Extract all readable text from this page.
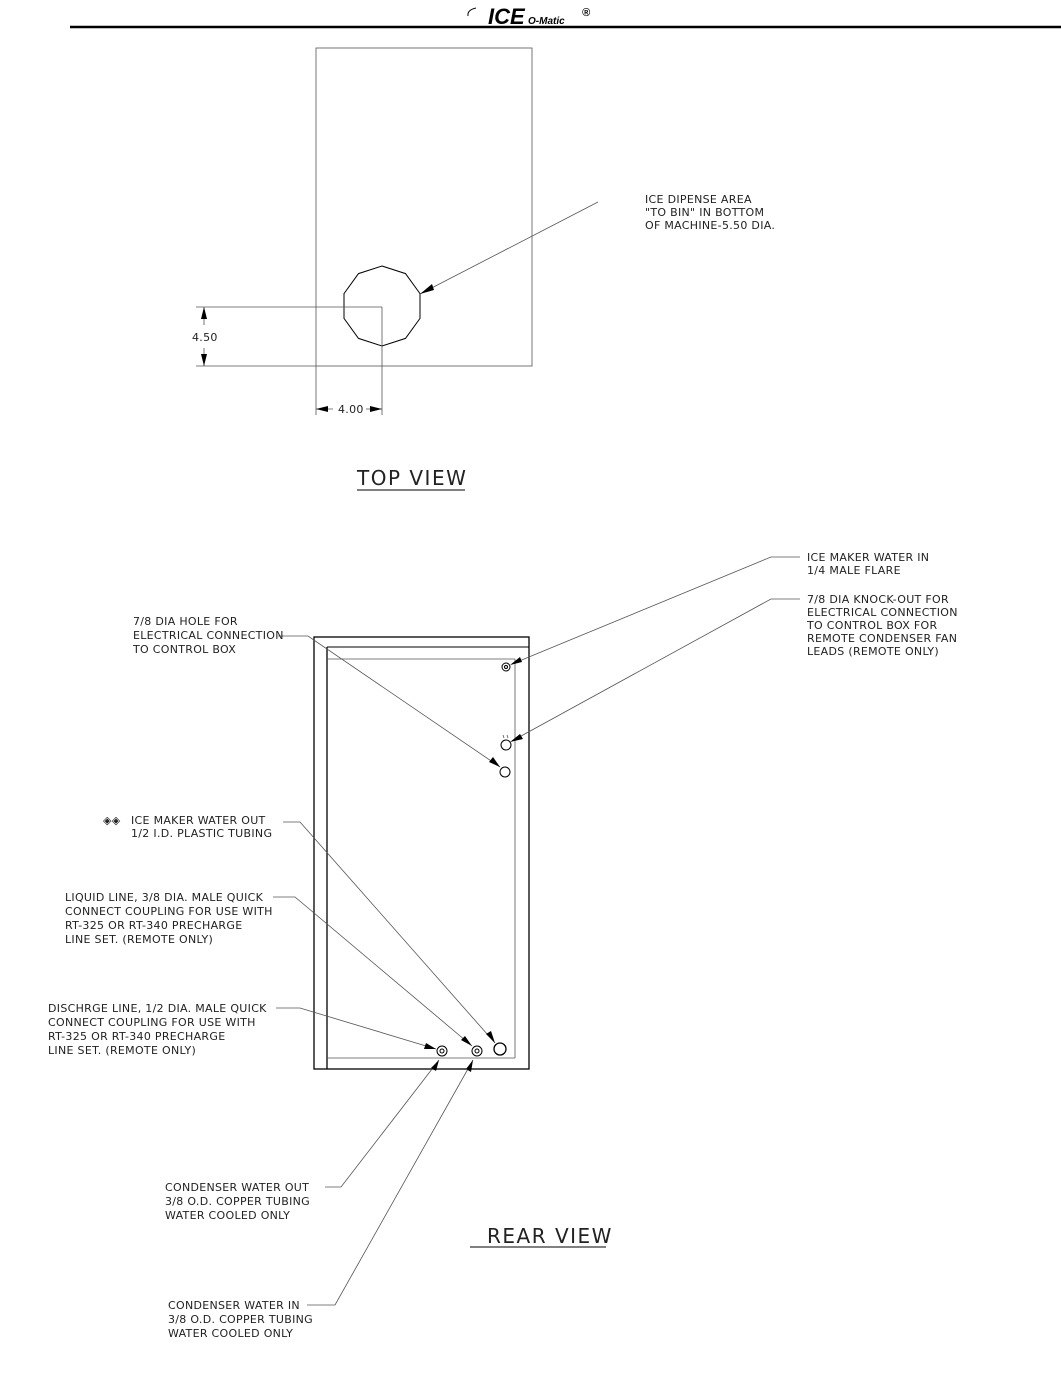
ICE O-Matic
®
ICE DIPENSE AREA
"TO BIN" IN BOTTOM
OF MACHINE-5.50 DIA.
4.50
4.00
TOP VIEW
ICE MAKER WATER IN
1/4 MALE FLARE
7/8 DIA KNOCK-OUT FOR
ELECTRICAL CONNECTION
TO CONTROL BOX FOR
REMOTE CONDENSER FAN
LEADS (REMOTE ONLY)
7/8 DIA HOLE FOR
ELECTRICAL CONNECTION
TO CONTROL BOX
◈◈ ICE MAKER WATER OUT
1/2 I.D. PLASTIC TUBING
LIQUID LINE, 3/8 DIA. MALE QUICK
CONNECT COUPLING FOR USE WITH
RT-325 OR RT-340 PRECHARGE
LINE SET. (REMOTE ONLY)
DISCHRGE LINE, 1/2 DIA. MALE QUICK
CONNECT COUPLING FOR USE WITH
RT-325 OR RT-340 PRECHARGE
LINE SET. (REMOTE ONLY)
CONDENSER WATER OUT
3/8 O.D. COPPER TUBING
WATER COOLED ONLY
CONDENSER WATER IN
3/8 O.D. COPPER TUBING
WATER COOLED ONLY
REAR VIEW
